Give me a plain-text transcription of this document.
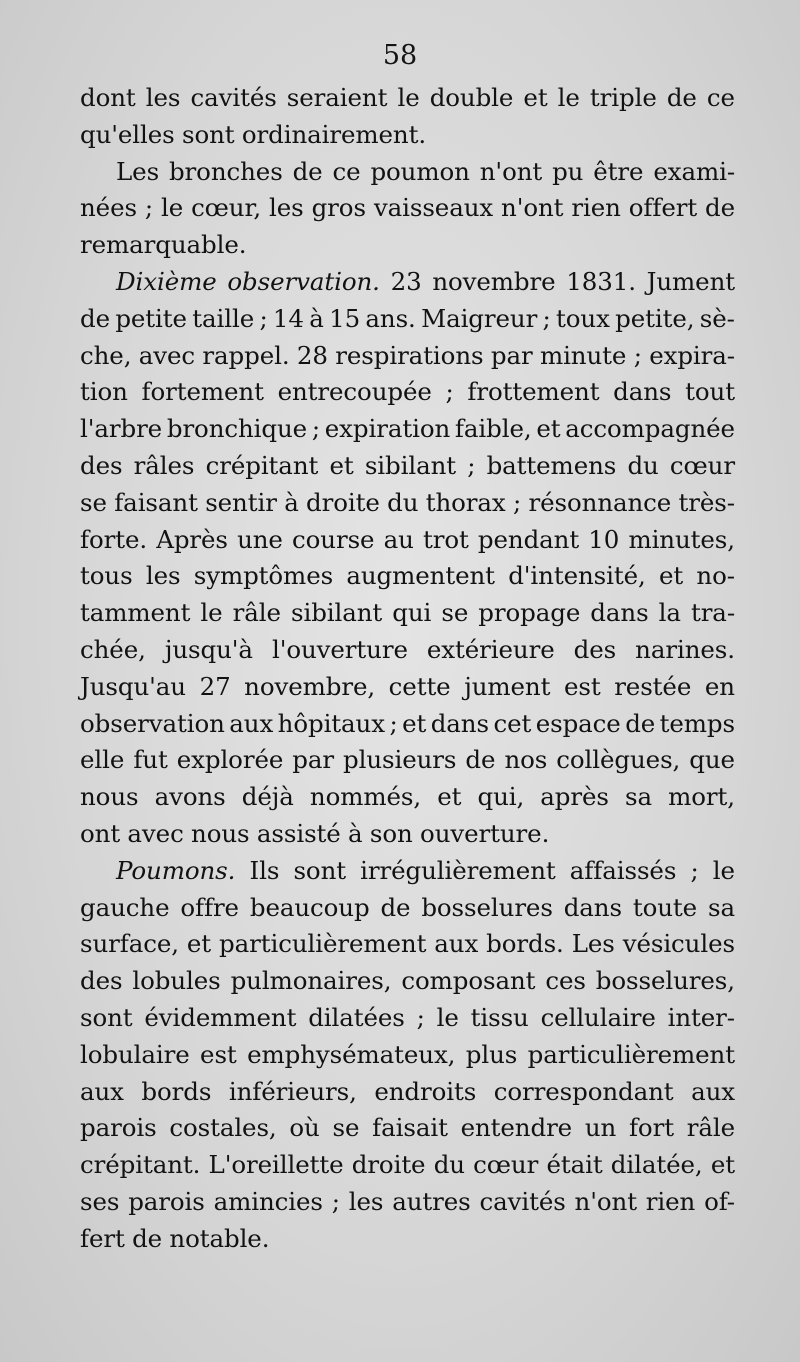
58
dont les cavités seraient le double et le triple de ce
qu'elles sont ordinairement.
Les bronches de ce poumon n'ont pu être exami-
nées ; le cœur, les gros vaisseaux n'ont rien offert de
remarquable.
Dixième observation. 23 novembre 1831. Jument
de petite taille ; 14 à 15 ans. Maigreur ; toux petite, sè-
che, avec rappel. 28 respirations par minute ; expira-
tion fortement entrecoupée ; frottement dans tout
l'arbre bronchique ; expiration faible, et accompagnée
des râles crépitant et sibilant ; battemens du cœur
se faisant sentir à droite du thorax ; résonnance très-
forte. Après une course au trot pendant 10 minutes,
tous les symptômes augmentent d'intensité, et no-
tamment le râle sibilant qui se propage dans la tra-
chée, jusqu'à l'ouverture extérieure des narines.
Jusqu'au 27 novembre, cette jument est restée en
observation aux hôpitaux ; et dans cet espace de temps
elle fut explorée par plusieurs de nos collègues, que
nous avons déjà nommés, et qui, après sa mort,
ont avec nous assisté à son ouverture.
Poumons. Ils sont irrégulièrement affaissés ; le
gauche offre beaucoup de bosselures dans toute sa
surface, et particulièrement aux bords. Les vésicules
des lobules pulmonaires, composant ces bosselures,
sont évidemment dilatées ; le tissu cellulaire inter-
lobulaire est emphysémateux, plus particulièrement
aux bords inférieurs, endroits correspondant aux
parois costales, où se faisait entendre un fort râle
crépitant. L'oreillette droite du cœur était dilatée, et
ses parois amincies ; les autres cavités n'ont rien of-
fert de notable.
